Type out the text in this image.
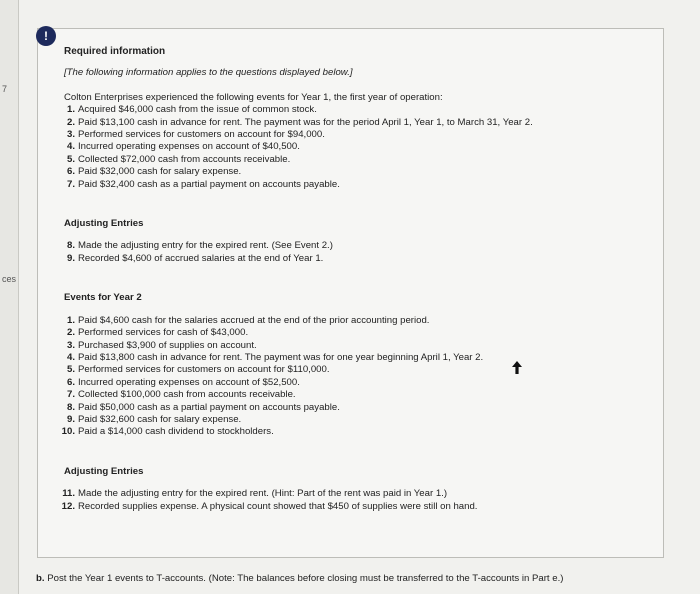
7
ces
!
Required information
[The following information applies to the questions displayed below.]
Colton Enterprises experienced the following events for Year 1, the first year of operation:
1. Acquired $46,000 cash from the issue of common stock.
2. Paid $13,100 cash in advance for rent. The payment was for the period April 1, Year 1, to March 31, Year 2.
3. Performed services for customers on account for $94,000.
4. Incurred operating expenses on account of $40,500.
5. Collected $72,000 cash from accounts receivable.
6. Paid $32,000 cash for salary expense.
7. Paid $32,400 cash as a partial payment on accounts payable.
Adjusting Entries
8. Made the adjusting entry for the expired rent. (See Event 2.)
9. Recorded $4,600 of accrued salaries at the end of Year 1.
Events for Year 2
1. Paid $4,600 cash for the salaries accrued at the end of the prior accounting period.
2. Performed services for cash of $43,000.
3. Purchased $3,900 of supplies on account.
4. Paid $13,800 cash in advance for rent. The payment was for one year beginning April 1, Year 2.
5. Performed services for customers on account for $110,000.
6. Incurred operating expenses on account of $52,500.
7. Collected $100,000 cash from accounts receivable.
8. Paid $50,000 cash as a partial payment on accounts payable.
9. Paid $32,600 cash for salary expense.
10. Paid a $14,000 cash dividend to stockholders.
Adjusting Entries
11. Made the adjusting entry for the expired rent. (Hint: Part of the rent was paid in Year 1.)
12. Recorded supplies expense. A physical count showed that $450 of supplies were still on hand.
b. Post the Year 1 events to T-accounts. (Note: The balances before closing must be transferred to the T-accounts in Part e.)
